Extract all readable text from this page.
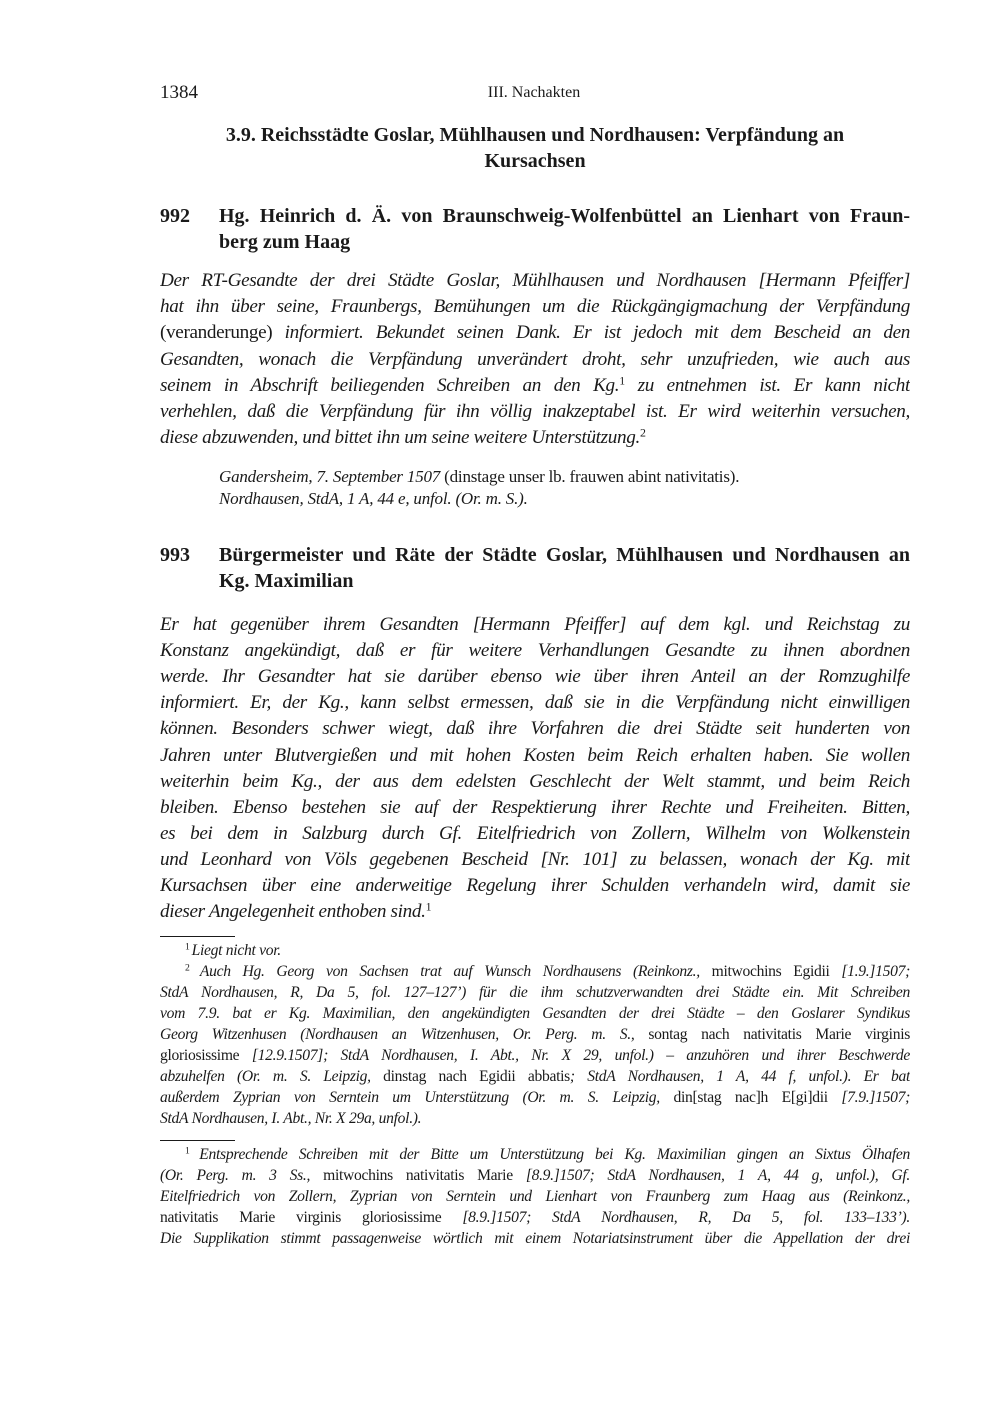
1384	III. Nachakten
3.9. Reichsstädte Goslar, Mühlhausen und Nordhausen: Verpfändung an
Kursachsen
992 Hg. Heinrich d. Ä. von Braunschweig-Wolfenbüttel an Lienhart von Fraun-
berg zum Haag
Der RT-Gesandte der drei Städte Goslar, Mühlhausen und Nordhausen [Hermann Pfeiffer]
hat ihn über seine, Fraunbergs, Bemühungen um die Rückgängigmachung der Verpfändung
(veranderunge) informiert. Bekundet seinen Dank. Er ist jedoch mit dem Bescheid an den
Gesandten, wonach die Verpfändung unverändert droht, sehr unzufrieden, wie auch aus
seinem in Abschrift beiliegenden Schreiben an den Kg.$^1$ zu entnehmen ist. Er kann nicht
verhehlen, daß die Verpfändung für ihn völlig inakzeptabel ist. Er wird weiterhin versuchen,
diese abzuwenden, und bittet ihn um seine weitere Unterstützung.$^2$
Gandersheim, 7. September 1507 (dinstage unser lb. frauwen abint nativitatis).
Nordhausen, StdA, 1 A, 44 e, unfol. (Or. m. S.).
993 Bürgermeister und Räte der Städte Goslar, Mühlhausen und Nordhausen an
Kg. Maximilian
Er hat gegenüber ihrem Gesandten [Hermann Pfeiffer] auf dem kgl. und Reichstag zu
Konstanz angekündigt, daß er für weitere Verhandlungen Gesandte zu ihnen abordnen
werde. Ihr Gesandter hat sie darüber ebenso wie über ihren Anteil an der Romzughilfe
informiert. Er, der Kg., kann selbst ermessen, daß sie in die Verpfändung nicht einwilligen
können. Besonders schwer wiegt, daß ihre Vorfahren die drei Städte seit hunderten von
Jahren unter Blutvergießen und mit hohen Kosten beim Reich erhalten haben. Sie wollen
weiterhin beim Kg., der aus dem edelsten Geschlecht der Welt stammt, und beim Reich
bleiben. Ebenso bestehen sie auf der Respektierung ihrer Rechte und Freiheiten. Bitten,
es bei dem in Salzburg durch Gf. Eitelfriedrich von Zollern, Wilhelm von Wolkenstein
und Leonhard von Völs gegebenen Bescheid [Nr. 101] zu belassen, wonach der Kg. mit
Kursachsen über eine anderweitige Regelung ihrer Schulden verhandeln wird, damit sie
dieser Angelegenheit enthoben sind.$^1$
$^1$ Liegt nicht vor.
$^2$ Auch Hg. Georg von Sachsen trat auf Wunsch Nordhausens (Reinkonz., mitwochins Egidii [1.9.]1507;
StdA Nordhausen, R, Da 5, fol. 127–127’) für die ihm schutzverwandten drei Städte ein. Mit Schreiben
vom 7.9. bat er Kg. Maximilian, den angekündigten Gesandten der drei Städte – den Goslarer Syndikus
Georg Witzenhusen (Nordhausen an Witzenhusen, Or. Perg. m. S., sontag nach nativitatis Marie virginis
gloriosissime [12.9.1507]; StdA Nordhausen, I. Abt., Nr. X 29, unfol.) – anzuhören und ihrer Beschwerde
abzuhelfen (Or. m. S. Leipzig, dinstag nach Egidii abbatis; StdA Nordhausen, 1 A, 44 f, unfol.). Er bat
außerdem Zyprian von Serntein um Unterstützung (Or. m. S. Leipzig, din[stag nac]h E[gi]dii [7.9.]1507;
StdA Nordhausen, I. Abt., Nr. X 29a, unfol.).
$^1$ Entsprechende Schreiben mit der Bitte um Unterstützung bei Kg. Maximilian gingen an Sixtus Ölhafen
(Or. Perg. m. 3 Ss., mitwochins nativitatis Marie [8.9.]1507; StdA Nordhausen, 1 A, 44 g, unfol.), Gf.
Eitelfriedrich von Zollern, Zyprian von Serntein und Lienhart von Fraunberg zum Haag aus (Reinkonz.,
nativitatis Marie virginis gloriosissime [8.9.]1507; StdA Nordhausen, R, Da 5, fol. 133–133’).
Die Supplikation stimmt passagenweise wörtlich mit einem Notariatsinstrument über die Appellation der drei
